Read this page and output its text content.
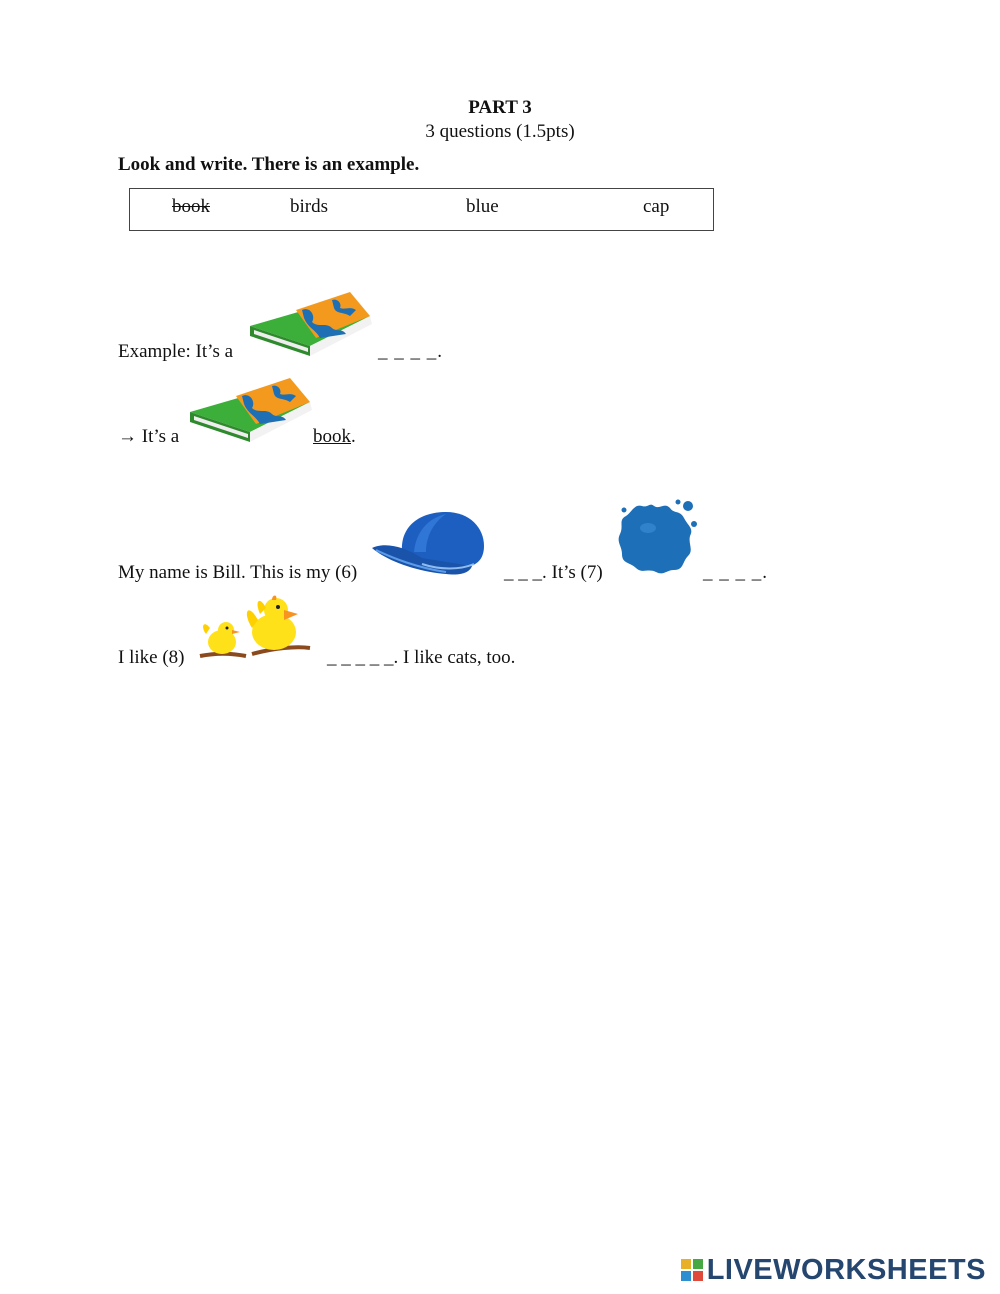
PART 3
3 questions (1.5pts)
Look and write. There is an example.
book	birds	blue	cap
Example: It’s a	_ _ _ _.
→ It’s a	book.
My name is Bill. This is my (6)	_ _ _. It’s (7)	_ _ _ _.
I like (8)	_ _ _ _ _. I like cats, too.
LIVEWORKSHEETS
